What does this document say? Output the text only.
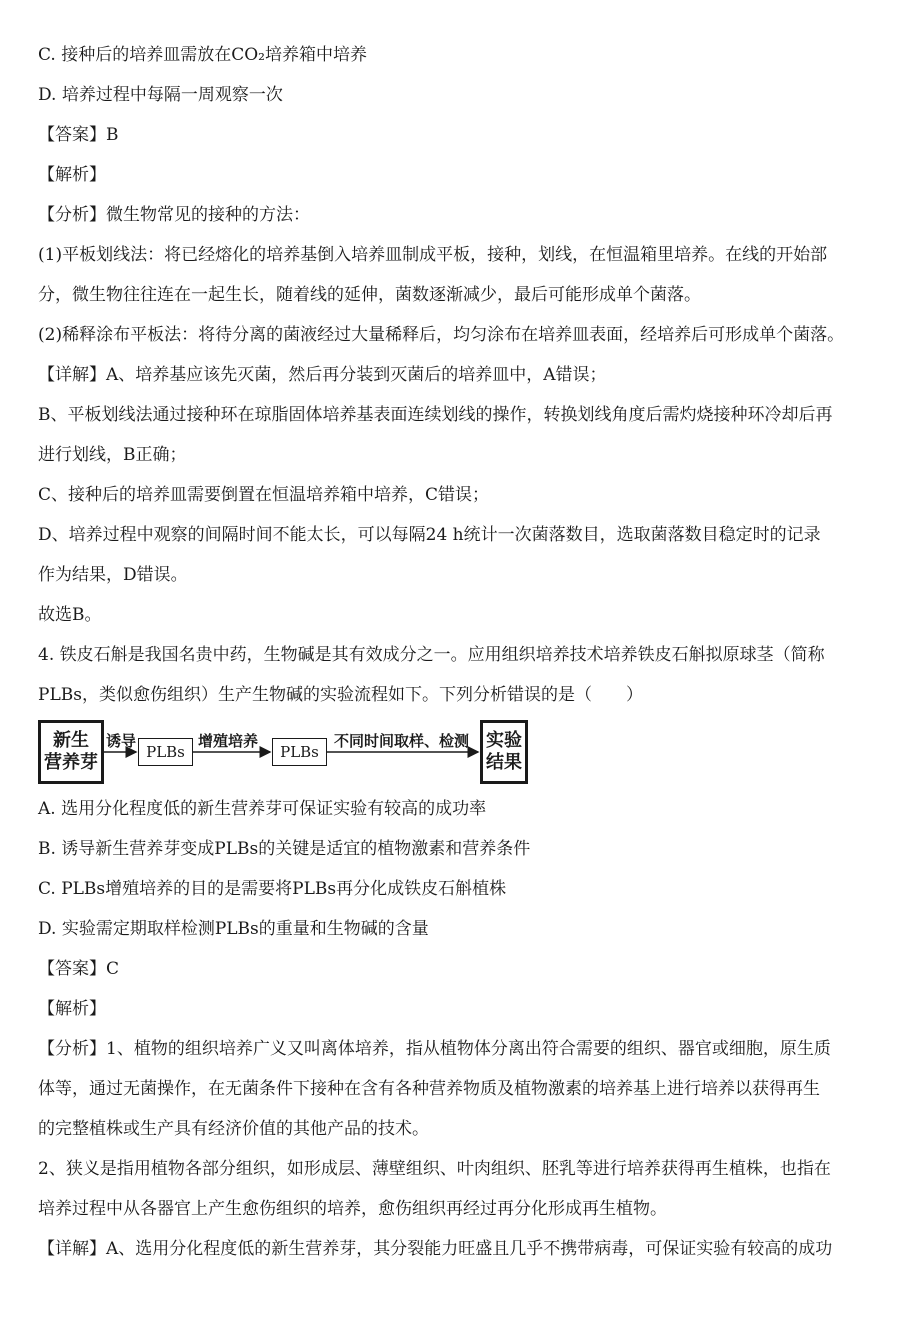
C. 接种后的培养皿需放在CO₂培养箱中培养
D. 培养过程中每隔一周观察一次
【答案】B
【解析】
【分析】微生物常见的接种的方法：
(1)平板划线法：将已经熔化的培养基倒入培养皿制成平板，接种，划线，在恒温箱里培养。在线的开始部
分，微生物往往连在一起生长，随着线的延伸，菌数逐渐减少，最后可能形成单个菌落。
(2)稀释涂布平板法：将待分离的菌液经过大量稀释后，均匀涂布在培养皿表面，经培养后可形成单个菌落。
【详解】A、培养基应该先灭菌，然后再分装到灭菌后的培养皿中，A错误；
B、平板划线法通过接种环在琼脂固体培养基表面连续划线的操作，转换划线角度后需灼烧接种环冷却后再
进行划线，B正确；
C、接种后的培养皿需要倒置在恒温培养箱中培养，C错误；
D、培养过程中观察的间隔时间不能太长，可以每隔24 h统计一次菌落数目，选取菌落数目稳定时的记录
作为结果，D错误。
故选B。
4. 铁皮石斛是我国名贵中药，生物碱是其有效成分之一。应用组织培养技术培养铁皮石斛拟原球茎（简称
PLBs，类似愈伤组织）生产生物碱的实验流程如下。下列分析错误的是（　　）
新生
营养芽
诱导
PLBs
增殖培养
PLBs
不同时间取样、检测 实验
结果
A. 选用分化程度低的新生营养芽可保证实验有较高的成功率
B. 诱导新生营养芽变成PLBs的关键是适宜的植物激素和营养条件
C. PLBs增殖培养的目的是需要将PLBs再分化成铁皮石斛植株
D. 实验需定期取样检测PLBs的重量和生物碱的含量
【答案】C
【解析】
【分析】1、植物的组织培养广义又叫离体培养，指从植物体分离出符合需要的组织、器官或细胞，原生质
体等，通过无菌操作，在无菌条件下接种在含有各种营养物质及植物激素的培养基上进行培养以获得再生
的完整植株或生产具有经济价值的其他产品的技术。
2、狭义是指用植物各部分组织，如形成层、薄壁组织、叶肉组织、胚乳等进行培养获得再生植株，也指在
培养过程中从各器官上产生愈伤组织的培养，愈伤组织再经过再分化形成再生植物。
【详解】A、选用分化程度低的新生营养芽，其分裂能力旺盛且几乎不携带病毒，可保证实验有较高的成功
